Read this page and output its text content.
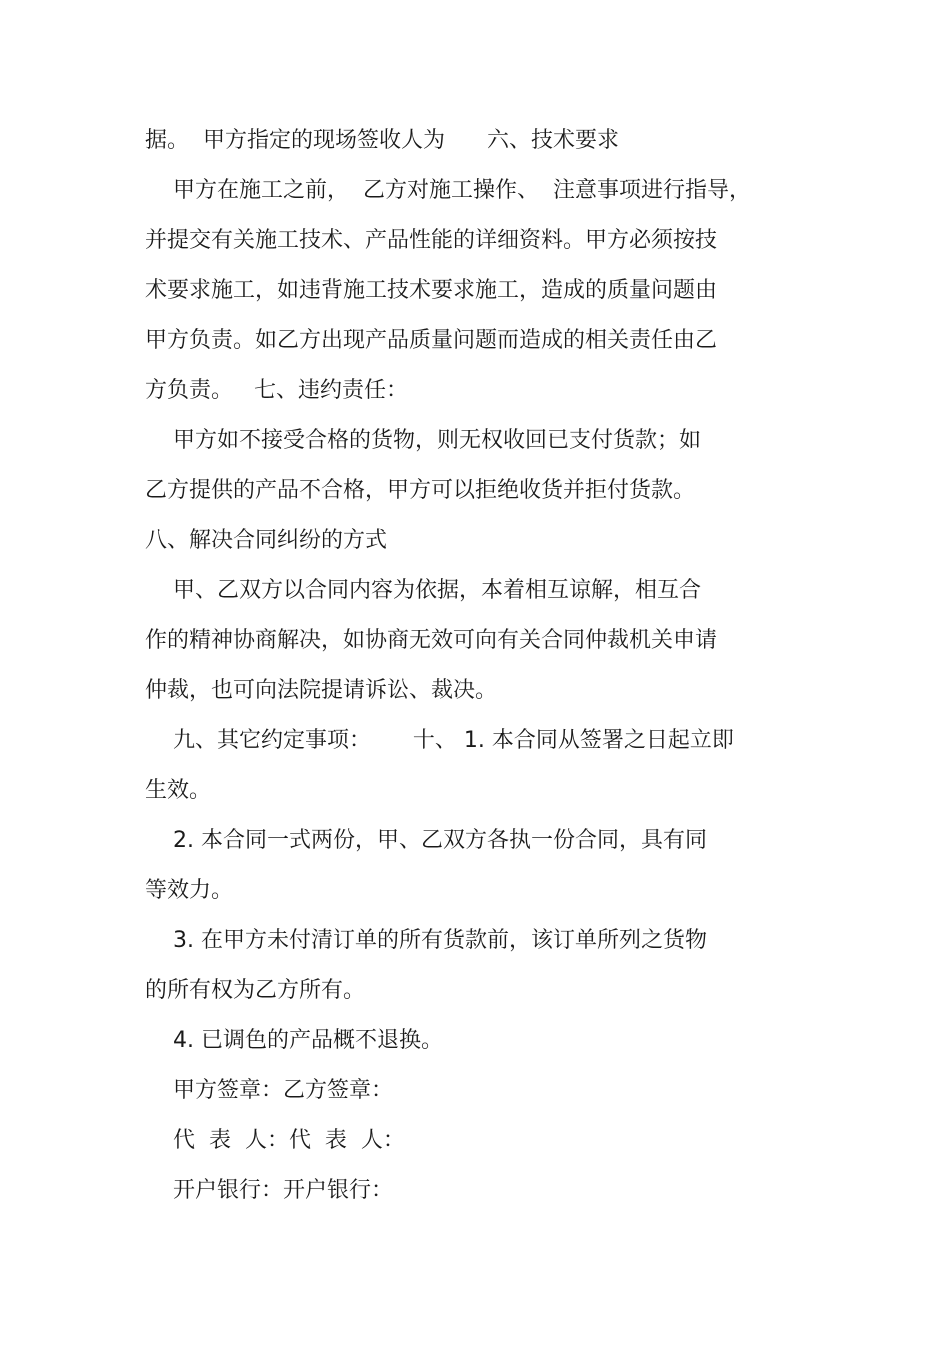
据。  甲方指定的现场签收人为      六、技术要求
甲方在施工之前，  乙方对施工操作、  注意事项进行指导，
并提交有关施工技术、产品性能的详细资料。甲方必须按技
术要求施工，如违背施工技术要求施工，造成的质量问题由
甲方负责。如乙方出现产品质量问题而造成的相关责任由乙
方负责。   七、违约责任：
甲方如不接受合格的货物，则无权收回已支付货款；如
乙方提供的产品不合格，甲方可以拒绝收货并拒付货款。
八、解决合同纠纷的方式
甲、乙双方以合同内容为依据，本着相互谅解，相互合
作的精神协商解决，如协商无效可向有关合同仲裁机关申请
仲裁，也可向法院提请诉讼、裁决。
九、其它约定事项：      十、 1. 本合同从签署之日起立即
生效。
2. 本合同一式两份，甲、乙双方各执一份合同，具有同
等效力。
3. 在甲方未付清订单的所有货款前，该订单所列之货物
的所有权为乙方所有。
4. 已调色的产品概不退换。
甲方签章：乙方签章：
代  表  人：代  表  人：
开户银行：开户银行：
